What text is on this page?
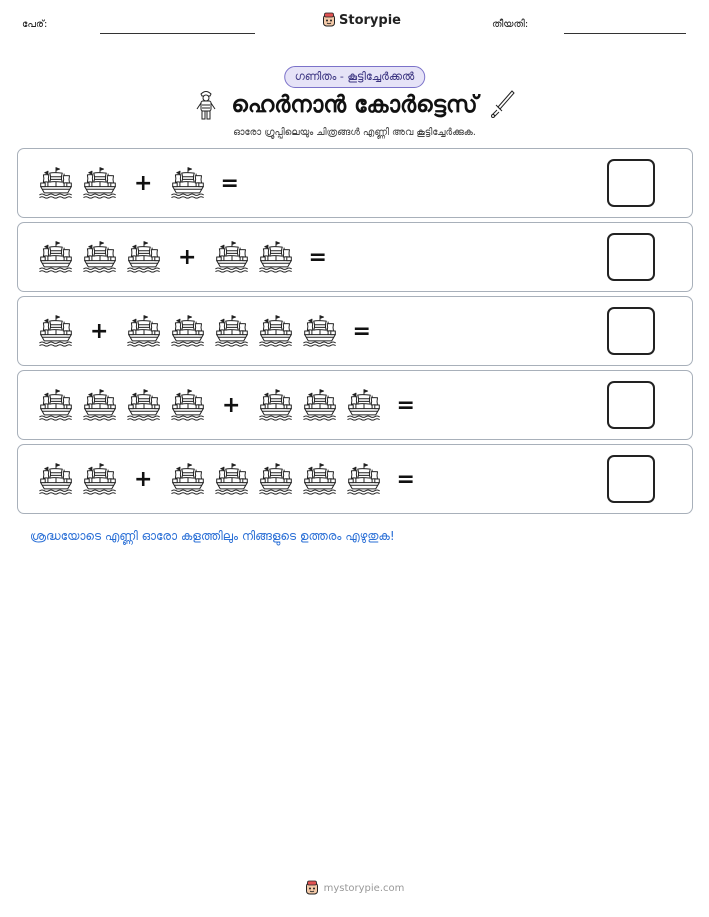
പേര്:	Storypie	തീയതി:
ഗണിതം - കൂട്ടിച്ചേർക്കൽ
ഹെർനാൻ കോർട്ടെസ്
ഓരോ ഗ്രൂപ്പിലെയും ചിത്രങ്ങൾ എണ്ണി അവ കൂട്ടിച്ചേർക്കുക.
+	=
+	=
+	=
+	=
+	=
ശ്രദ്ധയോടെ എണ്ണി ഓരോ കളത്തിലും നിങ്ങളുടെ ഉത്തരം എഴുതുക!
mystorypie.com
